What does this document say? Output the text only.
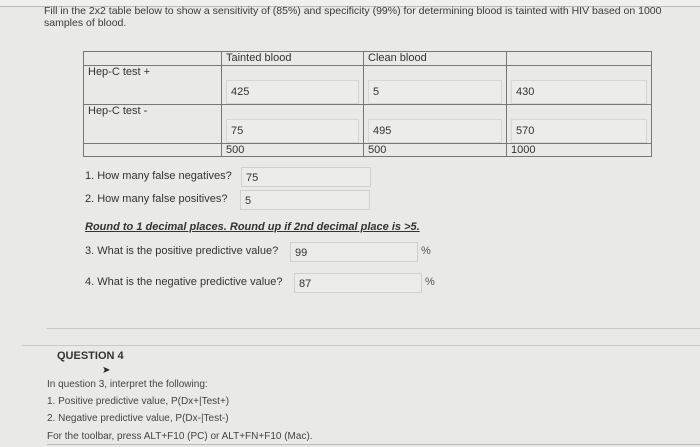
Fill in the 2x2 table below to show a sensitivity of (85%) and specificity (99%) for determining blood is tainted with HIV based on 1000 samples of blood.
	Tainted blood	Clean blood	
Hep-C test +	425	5	430

Hep-C test -	75	495	570

	500	500	1000
1. How many false negatives?	75
2. How many false positives?	5
Round to 1 decimal places. Round up if 2nd decimal place is >5.
3. What is the positive predictive value?	99	%
4. What is the negative predictive value?	87	%
QUESTION 4
➤
In question 3, interpret the following:
1. Positive predictive value, P(Dx+|Test+)
2. Negative predictive value, P(Dx-|Test-)
For the toolbar, press ALT+F10 (PC) or ALT+FN+F10 (Mac).
